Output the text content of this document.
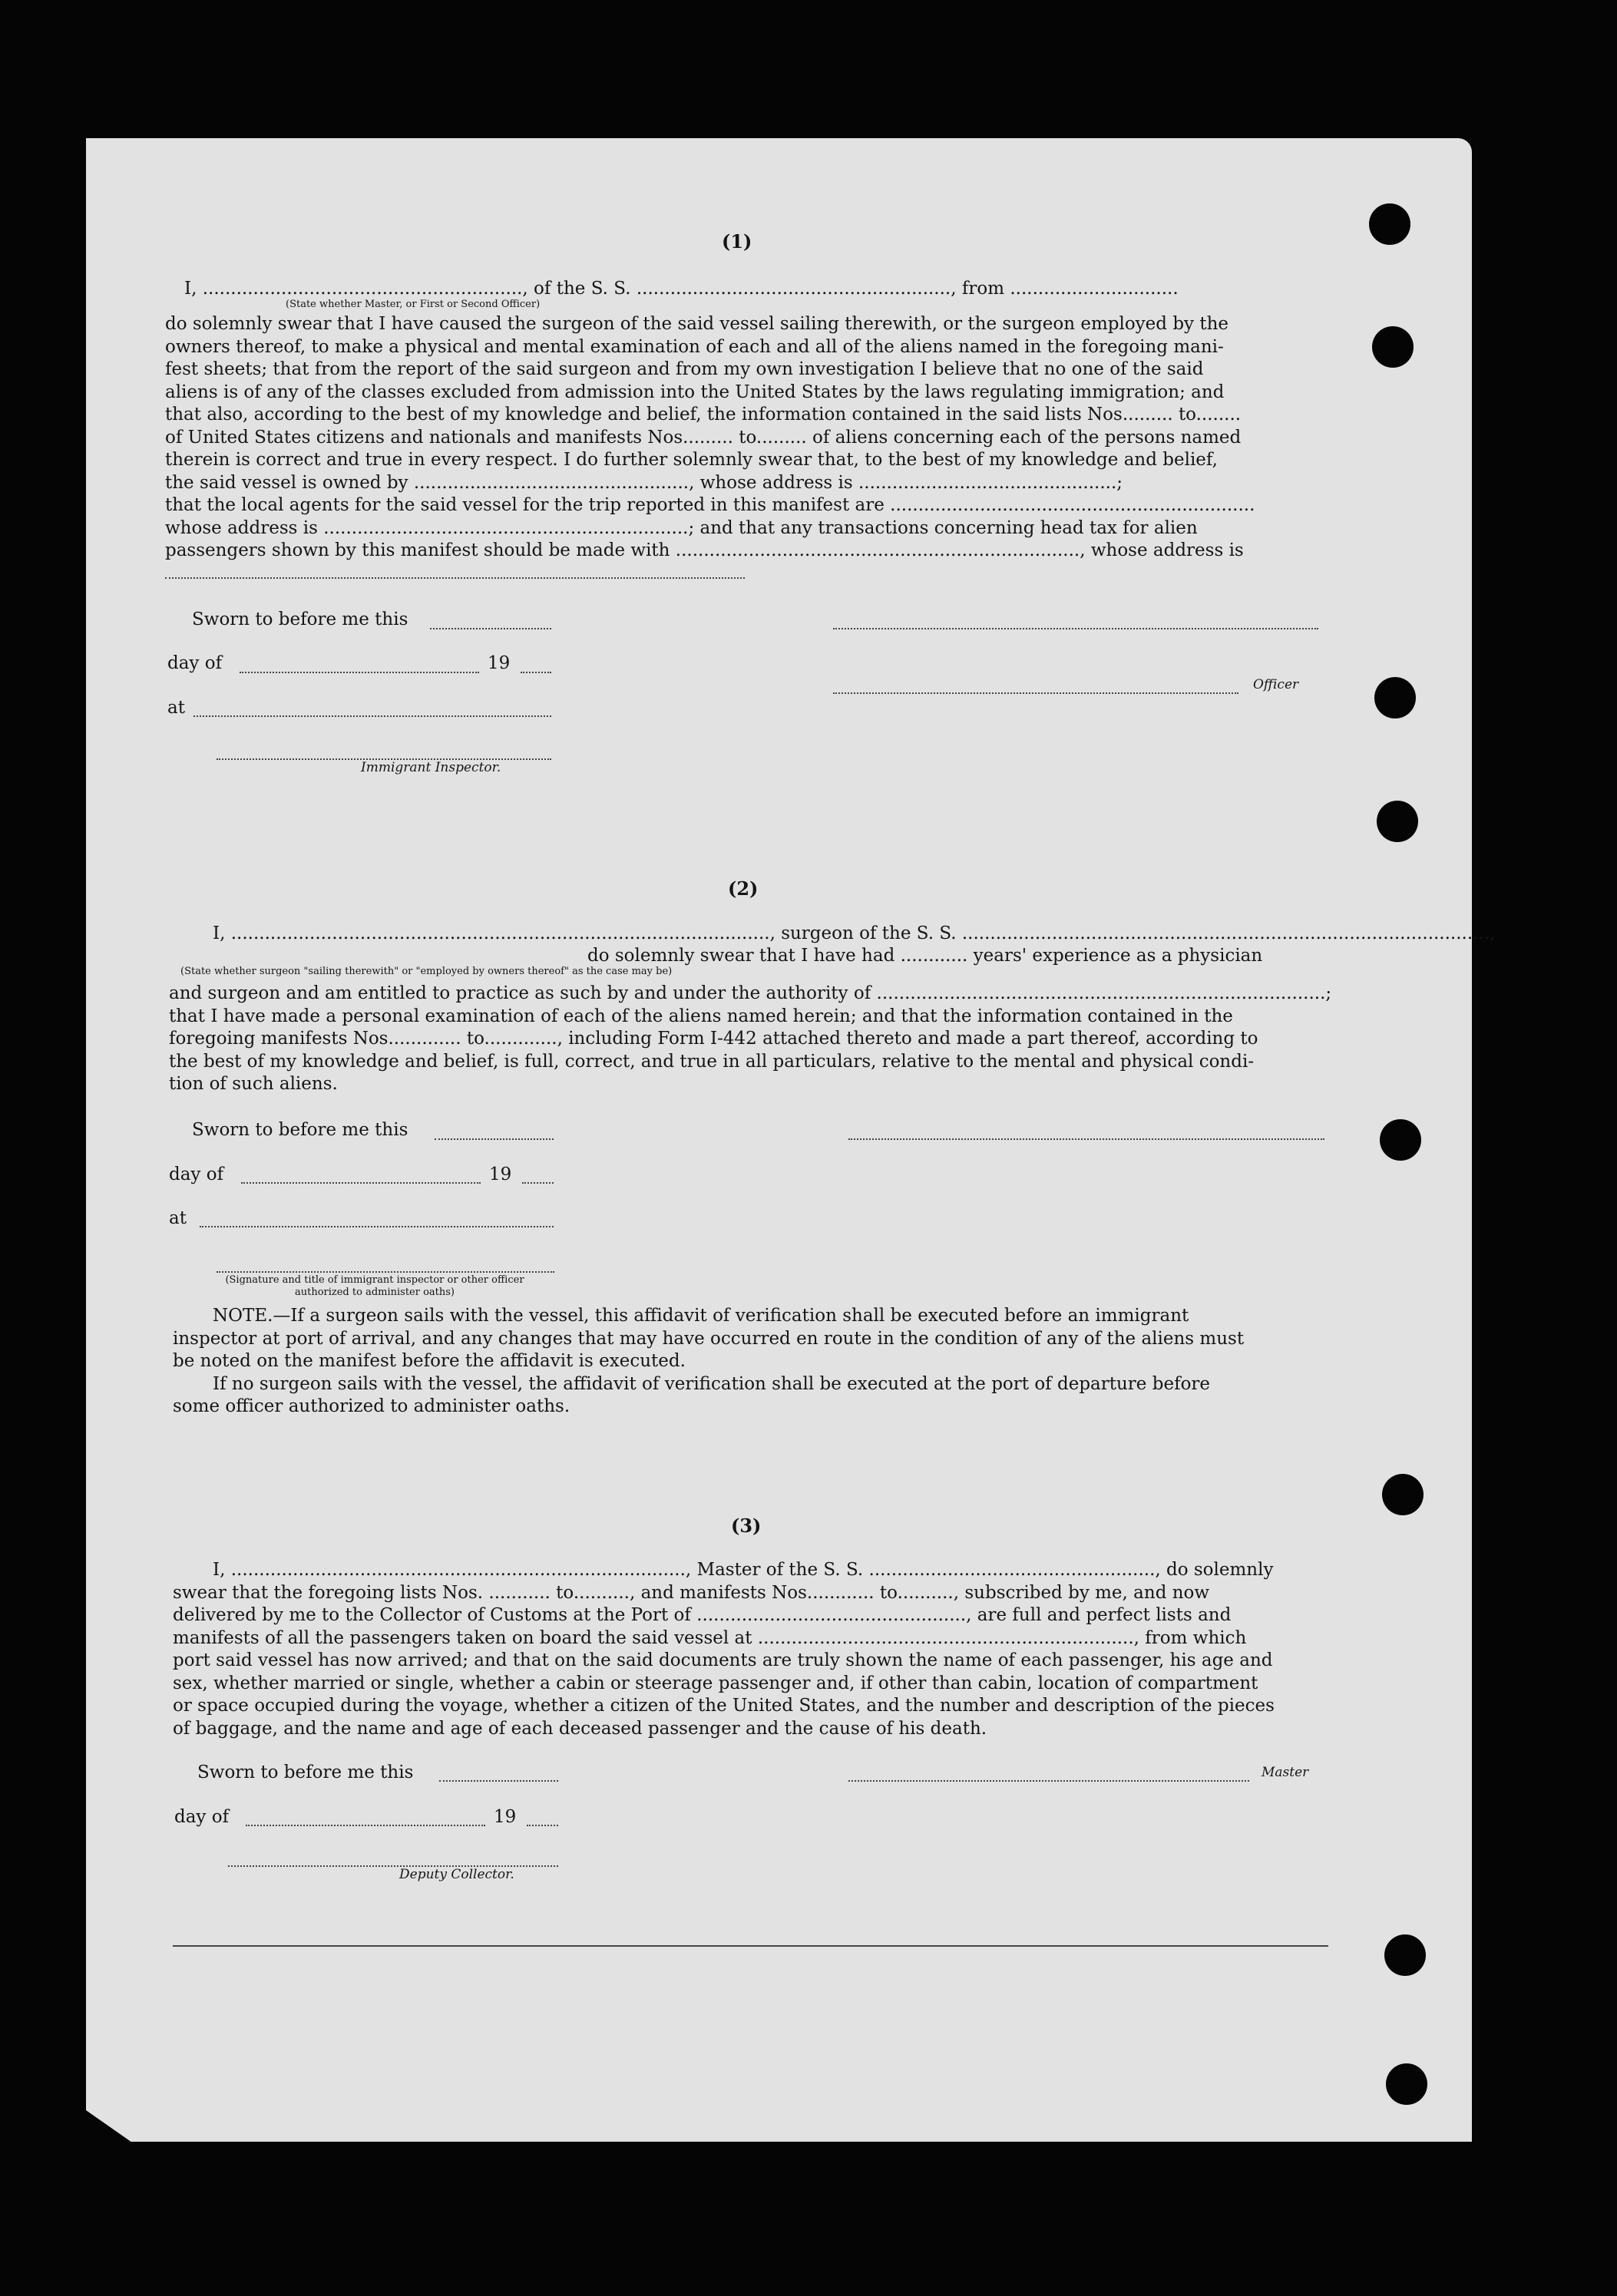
(1)
I, ........................................................., of the S. S. ........................................................, from ..............................
(State whether Master, or First or Second Officer)
do solemnly swear that I have caused the surgeon of the said vessel sailing therewith, or the surgeon employed by the
owners thereof, to make a physical and mental examination of each and all of the aliens named in the foregoing mani-
fest sheets; that from the report of the said surgeon and from my own investigation I believe that no one of the said
aliens is of any of the classes excluded from admission into the United States by the laws regulating immigration; and
that also, according to the best of my knowledge and belief, the information contained in the said lists Nos......... to........
of United States citizens and nationals and manifests Nos......... to......... of aliens concerning each of the persons named
therein is correct and true in every respect. I do further solemnly swear that, to the best of my knowledge and belief,
the said vessel is owned by ................................................., whose address is ..............................................;
that the local agents for the said vessel for the trip reported in this manifest are .................................................................
whose address is .................................................................; and that any transactions concerning head tax for alien
passengers shown by this manifest should be made with ........................................................................, whose address is
Sworn to before me this
day of	19
Officer
at
Immigrant Inspector.
(2)
I, ................................................................................................, surgeon of the S. S. ..............................................................................................,
do solemnly swear that I have had ............ years' experience as a physician
(State whether surgeon "sailing therewith" or "employed by owners thereof" as the case may be)
and surgeon and am entitled to practice as such by and under the authority of ................................................................................;
that I have made a personal examination of each of the aliens named herein; and that the information contained in the
foregoing manifests Nos............. to............., including Form I-442 attached thereto and made a part thereof, according to
the best of my knowledge and belief, is full, correct, and true in all particulars, relative to the mental and physical condi-
tion of such aliens.
Sworn to before me this
day of	19
at
(Signature and title of immigrant inspector or other officer authorized to administer oaths)
NOTE.—If a surgeon sails with the vessel, this affidavit of verification shall be executed before an immigrant
inspector at port of arrival, and any changes that may have occurred en route in the condition of any of the aliens must
be noted on the manifest before the affidavit is executed.
If no surgeon sails with the vessel, the affidavit of verification shall be executed at the port of departure before
some officer authorized to administer oaths.
(3)
I, ................................................................................., Master of the S. S. ..................................................., do solemnly
swear that the foregoing lists Nos. ........... to.........., and manifests Nos............ to.........., subscribed by me, and now
delivered by me to the Collector of Customs at the Port of ................................................, are full and perfect lists and
manifests of all the passengers taken on board the said vessel at ..................................................................., from which
port said vessel has now arrived; and that on the said documents are truly shown the name of each passenger, his age and
sex, whether married or single, whether a cabin or steerage passenger and, if other than cabin, location of compartment
or space occupied during the voyage, whether a citizen of the United States, and the number and description of the pieces
of baggage, and the name and age of each deceased passenger and the cause of his death.
Sworn to before me this	Master
day of	19
Deputy Collector.
